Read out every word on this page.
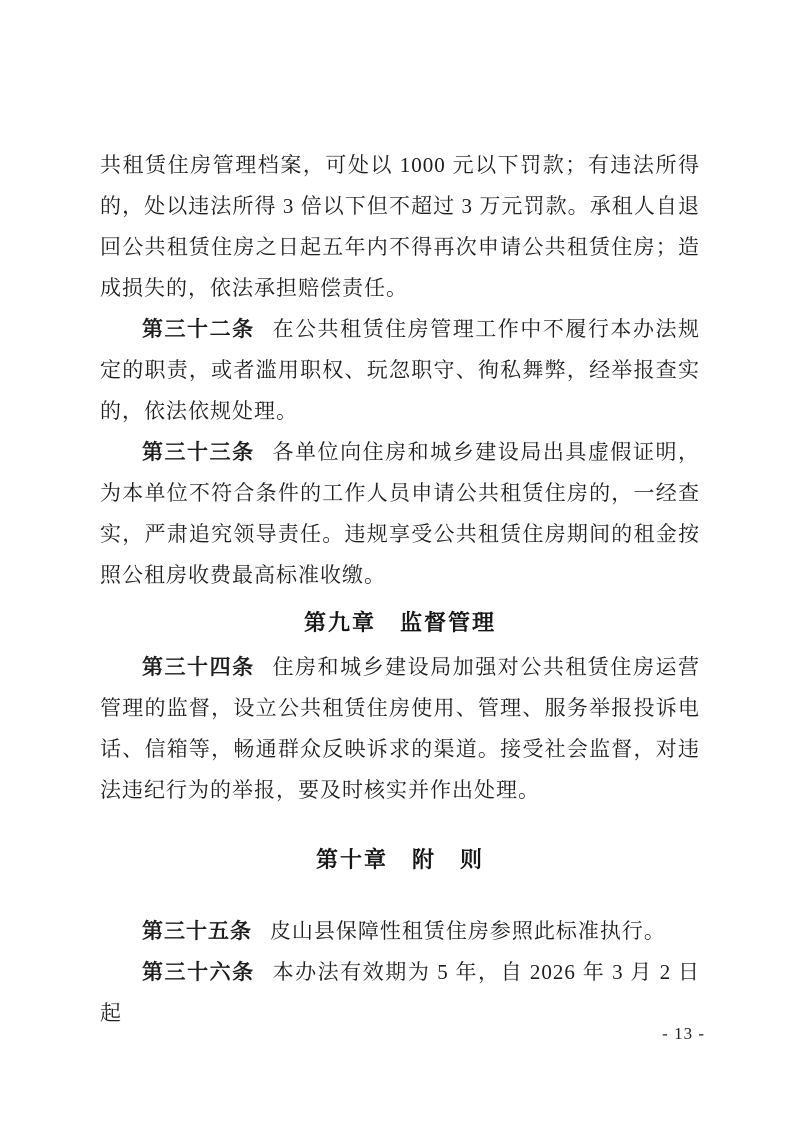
共租赁住房管理档案，可处以 1000 元以下罚款；有违法所得的，处以违法所得 3 倍以下但不超过 3 万元罚款。承租人自退回公共租赁住房之日起五年内不得再次申请公共租赁住房；造成损失的，依法承担赔偿责任。

第三十二条 在公共租赁住房管理工作中不履行本办法规定的职责，或者滥用职权、玩忽职守、徇私舞弊，经举报查实的，依法依规处理。

第三十三条 各单位向住房和城乡建设局出具虚假证明，为本单位不符合条件的工作人员申请公共租赁住房的，一经查实，严肃追究领导责任。违规享受公共租赁住房期间的租金按照公租房收费最高标准收缴。

第九章　监督管理

第三十四条 住房和城乡建设局加强对公共租赁住房运营管理的监督，设立公共租赁住房使用、管理、服务举报投诉电话、信箱等，畅通群众反映诉求的渠道。接受社会监督，对违法违纪行为的举报，要及时核实并作出处理。

第十章　附　则

第三十五条 皮山县保障性租赁住房参照此标准执行。

第三十六条 本办法有效期为 5 年，自 2026 年 3 月 2 日起

- 13 -
